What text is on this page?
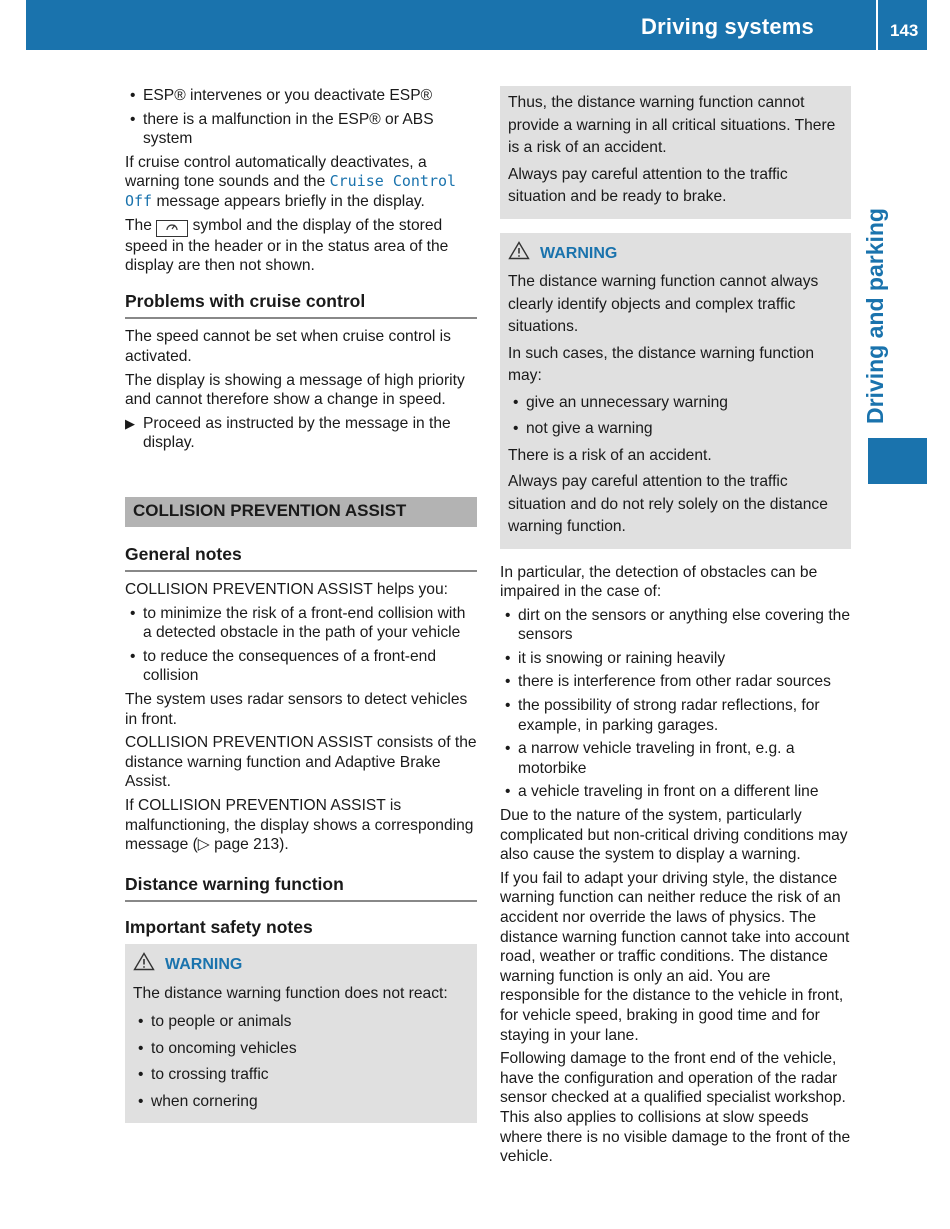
Driving systems	143
Driving and parking
• ESP® intervenes or you deactivate ESP®
• there is a malfunction in the ESP® or ABS system

If cruise control automatically deactivates, a warning tone sounds and the Cruise Control Off message appears briefly in the display.

The	symbol and the display of the stored speed in the header or in the status area of the display are then not shown.

Problems with cruise control

The speed cannot be set when cruise control is activated.

The display is showing a message of high priority and cannot therefore show a change in speed.

▶ Proceed as instructed by the message in the display.
COLLISION PREVENTION ASSIST
General notes

COLLISION PREVENTION ASSIST helps you:

• to minimize the risk of a front-end collision with a detected obstacle in the path of your vehicle
• to reduce the consequences of a front-end collision

The system uses radar sensors to detect vehicles in front.

COLLISION PREVENTION ASSIST consists of the distance warning function and Adaptive Brake Assist.

If COLLISION PREVENTION ASSIST is malfunctioning, the display shows a corresponding message (▷ page 213).

Distance warning function
Important safety notes
WARNING

The distance warning function does not react:

• to people or animals
• to oncoming vehicles
• to crossing traffic
• when cornering

Thus, the distance warning function cannot provide a warning in all critical situations. There is a risk of an accident.

Always pay careful attention to the traffic situation and be ready to brake.

WARNING

The distance warning function cannot always clearly identify objects and complex traffic situations.

In such cases, the distance warning function may:

• give an unnecessary warning
• not give a warning

There is a risk of an accident.

Always pay careful attention to the traffic situation and do not rely solely on the distance warning function.

In particular, the detection of obstacles can be impaired in the case of:

• dirt on the sensors or anything else covering the sensors
• it is snowing or raining heavily
• there is interference from other radar sources
• the possibility of strong radar reflections, for example, in parking garages.
• a narrow vehicle traveling in front, e.g. a motorbike
• a vehicle traveling in front on a different line

Due to the nature of the system, particularly complicated but non-critical driving conditions may also cause the system to display a warning.

If you fail to adapt your driving style, the distance warning function can neither reduce the risk of an accident nor override the laws of physics. The distance warning function cannot take into account road, weather or traffic conditions. The distance warning function is only an aid. You are responsible for the distance to the vehicle in front, for vehicle speed, braking in good time and for staying in your lane.

Following damage to the front end of the vehicle, have the configuration and operation of the radar sensor checked at a qualified specialist workshop. This also applies to collisions at slow speeds where there is no visible damage to the front of the vehicle.
